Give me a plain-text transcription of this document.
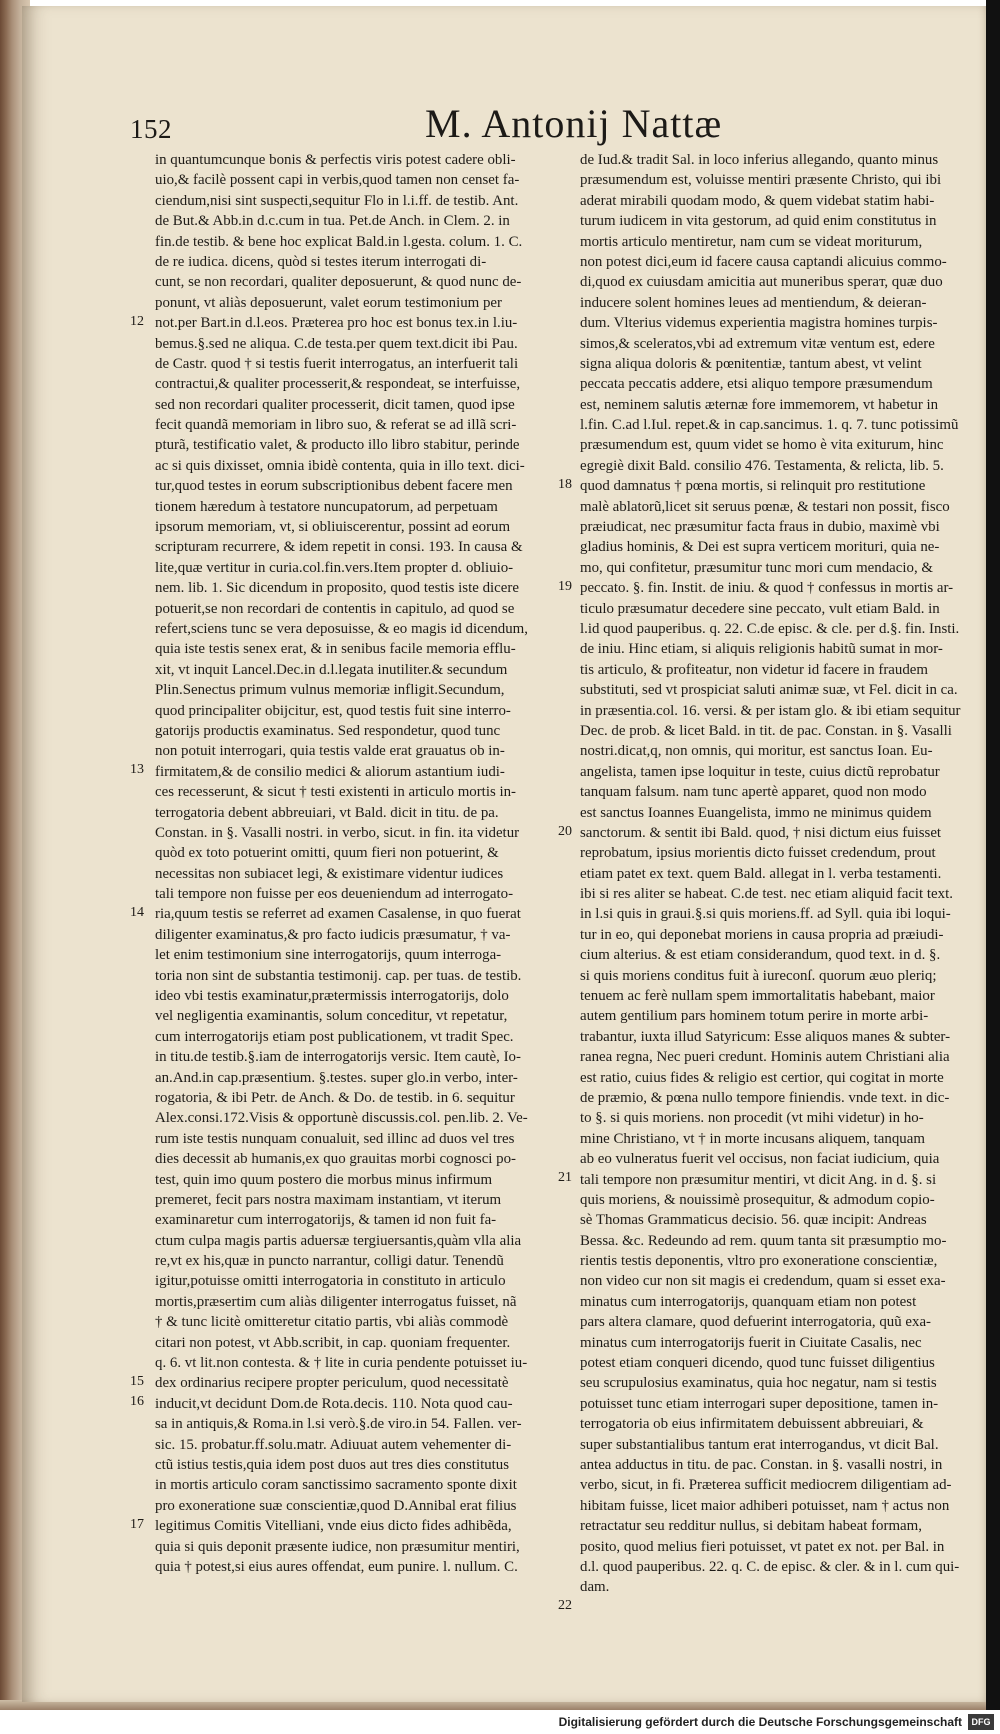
152	M. Antonij Nattæ
in quantumcunque bonis & perfectis viris potest cadere obli-
uio,& facilè possent capi in verbis,quod tamen non censet fa-
ciendum,nisi sint suspecti,sequitur Flo in l.i.ff. de testib. Ant.
de But.& Abb.in d.c.cum in tua. Pet.de Anch. in Clem. 2. in
fin.de testib. & bene hoc explicat Bald.in l.gesta. colum. 1. C.
de re iudica. dicens, quòd si testes iterum interrogati di-
cunt, se non recordari, qualiter deposuerunt, & quod nunc de-
ponunt, vt aliàs deposuerunt, valet eorum testimonium per
not.per Bart.in d.l.eos. Præterea pro hoc est bonus tex.in l.iu-
bemus.§.sed ne aliqua. C.de testa.per quem text.dicit ibi Pau.
de Castr. quod † si testis fuerit interrogatus, an interfuerit tali
contractui,& qualiter processerit,& respondeat, se interfuisse,
sed non recordari qualiter processerit, dicit tamen, quod ipse
fecit quandã memoriam in libro suo, & referat se ad illã scri-
pturã, testificatio valet, & producto illo libro stabitur, perinde
ac si quis dixisset, omnia ibidè contenta, quia in illo text. dici-
tur,quod testes in eorum subscriptionibus debent facere men
tionem hæredum à testatore nuncupatorum, ad perpetuam
ipsorum memoriam, vt, si obliuiscerentur, possint ad eorum
scripturam recurrere, & idem repetit in consi. 193. In causa &
lite,quæ vertitur in curia.col.fin.vers.Item propter d. obliuio-
nem. lib. 1. Sic dicendum in proposito, quod testis iste dicere
potuerit,se non recordari de contentis in capitulo, ad quod se
refert,sciens tunc se vera deposuisse, & eo magis id dicendum,
quia iste testis senex erat, & in senibus facile memoria efflu-
xit, vt inquit Lancel.Dec.in d.l.legata inutiliter.& secundum
Plin.Senectus primum vulnus memoriæ infligit.Secundum,
quod principaliter obijcitur, est, quod testis fuit sine interro-
gatorijs productis examinatus. Sed respondetur, quod tunc
non potuit interrogari, quia testis valde erat grauatus ob in-
firmitatem,& de consilio medici & aliorum astantium iudi-
ces recesserunt, & sicut † testi existenti in articulo mortis in-
terrogatoria debent abbreuiari, vt Bald. dicit in titu. de pa.
Constan. in §. Vasalli nostri. in verbo, sicut. in fin. ita videtur
quòd ex toto potuerint omitti, quum fieri non potuerint, &
necessitas non subiacet legi, & existimare videntur iudices
tali tempore non fuisse per eos deueniendum ad interrogato-
ria,quum testis se referret ad examen Casalense, in quo fuerat
diligenter examinatus,& pro facto iudicis præsumatur, † va-
let enim testimonium sine interrogatorijs, quum interroga-
toria non sint de substantia testimonij. cap. per tuas. de testib.
ideo vbi testis examinatur,prætermissis interrogatorijs, dolo
vel negligentia examinantis, solum conceditur, vt repetatur,
cum interrogatorijs etiam post publicationem, vt tradit Spec.
in titu.de testib.§.iam de interrogatorijs versic. Item cautè, Io-
an.And.in cap.præsentium. §.testes. super glo.in verbo, inter-
rogatoria, & ibi Petr. de Anch. & Do. de testib. in 6. sequitur
Alex.consi.172.Visis & opportunè discussis.col. pen.lib. 2. Ve-
rum iste testis nunquam conualuit, sed illinc ad duos vel tres
dies decessit ab humanis,ex quo grauitas morbi cognosci po-
test, quin imo quum postero die morbus minus infirmum
premeret, fecit pars nostra maximam instantiam, vt iterum
examinaretur cum interrogatorijs, & tamen id non fuit fa-
ctum culpa magis partis aduersæ tergiuersantis,quàm vlla alia
re,vt ex his,quæ in puncto narrantur, colligi datur. Tenendũ
igitur,potuisse omitti interrogatoria in constituto in articulo
mortis,præsertim cum aliàs diligenter interrogatus fuisset, nã
† & tunc licitè omitteretur citatio partis, vbi aliàs commodè
citari non potest, vt Abb.scribit, in cap. quoniam frequenter.
q. 6. vt lit.non contesta. & † lite in curia pendente potuisset iu-
dex ordinarius recipere propter periculum, quod necessitatè
inducit,vt decidunt Dom.de Rota.decis. 110. Nota quod cau-
sa in antiquis,& Roma.in l.si verò.§.de viro.in 54. Fallen. ver-
sic. 15. probatur.ff.solu.matr. Adiuuat autem vehementer di-
ctũ istius testis,quia idem post duos aut tres dies constitutus
in mortis articulo coram sanctissimo sacramento sponte dixit
pro exoneratione suæ conscientiæ,quod D.Annibal erat filius
legitimus Comitis Vitelliani, vnde eius dicto fides adhibẽda,
quia si quis deponit præsente iudice, non præsumitur mentiri,
quia † potest,si eius aures offendat, eum punire. l. nullum. C.
de Iud.& tradit Sal. in loco inferius allegando, quanto minus
præsumendum est, voluisse mentiri præsente Christo, qui ibi
aderat mirabili quodam modo, & quem videbat statim habi-
turum iudicem in vita gestorum, ad quid enim constitutus in
mortis articulo mentiretur, nam cum se videat moriturum,
non potest dici,eum id facere causa captandi alicuius commo-
di,quod ex cuiusdam amicitia aut muneribus speraт, quæ duo
inducere solent homines leues ad mentiendum, & deieran-
dum. Vlterius videmus experientia magistra homines turpis-
simos,& sceleratos,vbi ad extremum vitæ ventum est, edere
signa aliqua doloris & pœnitentiæ, tantum abest, vt velint
peccata peccatis addere, etsi aliquo tempore præsumendum
est, neminem salutis æternæ fore immemorem, vt habetur in
l.fin. C.ad l.Iul. repet.& in cap.sancimus. 1. q. 7. tunc potissimũ
præsumendum est, quum videt se homo è vita exiturum, hinc
egregiè dixit Bald. consilio 476. Testamenta, & relicta, lib. 5.
quod damnatus † pœna mortis, si relinquit pro restitutione
malè ablatorũ,licet sit seruus pœnæ, & testari non possit, fisco
præiudicat, nec præsumitur facta fraus in dubio, maximè vbi
gladius hominis, & Dei est supra verticem morituri, quia ne-
mo, qui confitetur, præsumitur tunc mori cum mendacio, &
peccato. §. fin. Instit. de iniu. & quod † confessus in mortis ar-
ticulo præsumatur decedere sine peccato, vult etiam Bald. in
l.id quod pauperibus. q. 22. C.de episc. & cle. per d.§. fin. Insti.
de iniu. Hinc etiam, si aliquis religionis habitũ sumat in mor-
tis articulo, & profiteatur, non videtur id facere in fraudem
substituti, sed vt prospiciat saluti animæ suæ, vt Fel. dicit in ca.
in præsentia.col. 16. versi. & per istam glo. & ibi etiam sequitur
Dec. de prob. & licet Bald. in tit. de pac. Constan. in §. Vasalli
nostri.dicat,q, non omnis, qui moritur, est sanctus Ioan. Eu-
angelista, tamen ipse loquitur in teste, cuius dictũ reprobatur
tanquam falsum. nam tunc apertè apparet, quod non modo
est sanctus Ioannes Euangelista, immo ne minimus quidem
sanctorum. & sentit ibi Bald. quod, † nisi dictum eius fuisset
reprobatum, ipsius morientis dicto fuisset credendum, prout
etiam patet ex text. quem Bald. allegat in l. verba testamenti.
ibi si res aliter se habeat. C.de test. nec etiam aliquid facit text.
in l.si quis in graui.§.si quis moriens.ff. ad Syll. quia ibi loqui-
tur in eo, qui deponebat moriens in causa propria ad præiudi-
cium alterius. & est etiam considerandum, quod text. in d. §.
si quis moriens conditus fuit à iureconſ. quorum æuo pleriq;
tenuem ac ferè nullam spem immortalitatis habebant, maior
autem gentilium pars hominem totum perire in morte arbi-
trabantur, iuxta illud Satyricum: Esse aliquos manes & subter-
ranea regna, Nec pueri credunt. Hominis autem Christiani alia
est ratio, cuius fides & religio est certior, qui cogitat in morte
de præmio, & pœna nullo tempore finiendis. vnde text. in dic-
to §. si quis moriens. non procedit (vt mihi videtur) in ho-
mine Christiano, vt † in morte incusans aliquem, tanquam
ab eo vulneratus fuerit vel occisus, non faciat iudicium, quia
tali tempore non præsumitur mentiri, vt dicit Ang. in d. §. si
quis moriens, & nouissimè prosequitur, & admodum copio-
sè Thomas Grammaticus decisio. 56. quæ incipit: Andreas
Bessa. &c. Redeundo ad rem. quum tanta sit præsumptio mo-
rientis testis deponentis, vltro pro exoneratione conscientiæ,
non video cur non sit magis ei credendum, quam si esset exa-
minatus cum interrogatorijs, quanquam etiam non potest
pars altera clamare, quod defuerint interrogatoria, quũ exa-
minatus cum interrogatorijs fuerit in Ciuitate Casalis, nec
potest etiam conqueri dicendo, quod tunc fuisset diligentius
seu scrupulosius examinatus, quia hoc negatur, nam si testis
potuisset tunc etiam interrogari super depositione, tamen in-
terrogatoria ob eius infirmitatem debuissent abbreuiari, &
super substantialibus tantum erat interrogandus, vt dicit Bal.
antea adductus in titu. de pac. Constan. in §. vasalli nostri, in
verbo, sicut, in fi. Præterea sufficit mediocrem diligentiam ad-
hibitam fuisse, licet maior adhiberi potuisset, nam † actus non
retractatur seu redditur nullus, si debitam habeat formam,
posito, quod melius fieri potuisset, vt patet ex not. per Bal. in
d.l. quod pauperibus. 22. q. C. de episc. & cler. & in l. cum qui-
dam.
12
13
14
15
16
17
18
19
20
21
22
Digitalisierung gefördert durch die Deutsche Forschungsgemeinschaft	DFG
